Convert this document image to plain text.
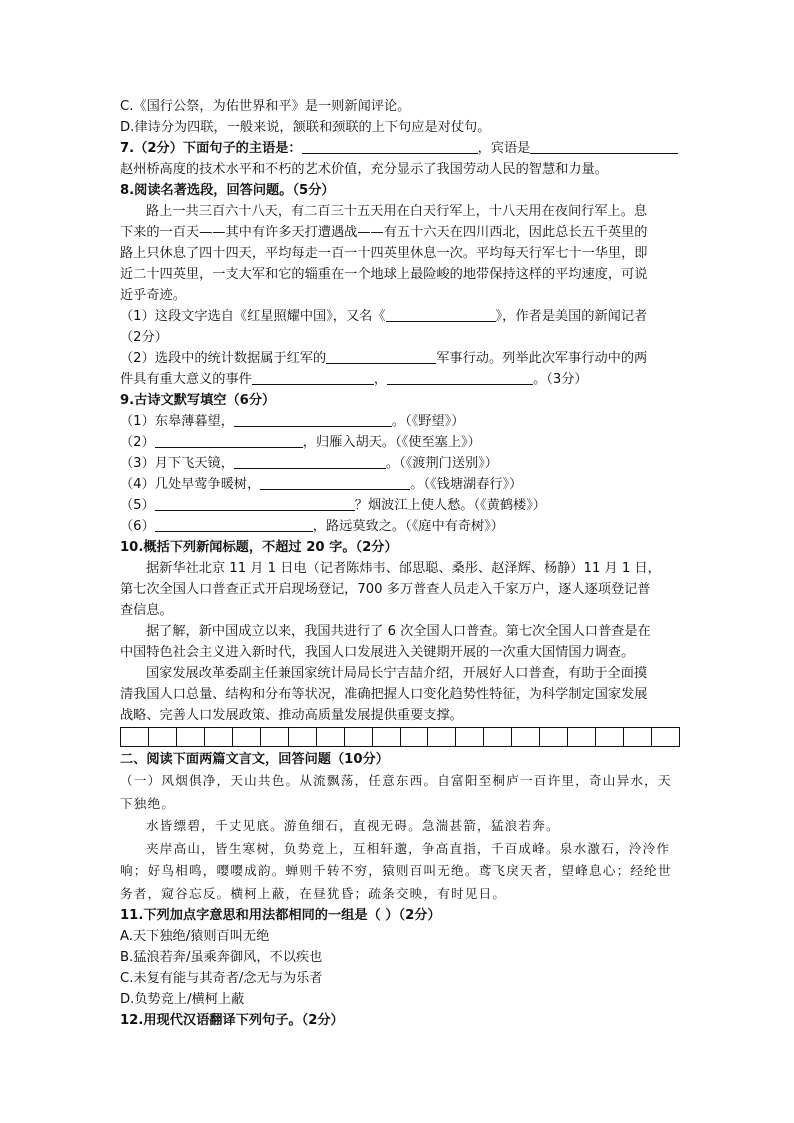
C.《国行公祭，为佑世界和平》是一则新闻评论。
D.律诗分为四联，一般来说，颔联和颈联的上下句应是对仗句。
7.（2分）下面句子的主语是：	，宾语是
赵州桥高度的技术水平和不朽的艺术价值，充分显示了我国劳动人民的智慧和力量。
8.阅读名著选段，回答问题。（5分）
路上一共三百六十八天，有二百三十五天用在白天行军上，十八天用在夜间行军上。息
下来的一百天——其中有许多天打遭遇战——有五十六天在四川西北，因此总长五千英里的
路上只休息了四十四天，平均每走一百一十四英里休息一次。平均每天行军七十一华里，即
近二十四英里，一支大军和它的辎重在一个地球上最险峻的地带保持这样的平均速度，可说
近乎奇迹。
（1）这段文字选自《红星照耀中国》，又名《	》，作者是美国的新闻记者
（2分）
（2）选段中的统计数据属于红军的	军事行动。列举此次军事行动中的两
件具有重大意义的事件	，	。（3分）
9.古诗文默写填空（6分）
（1）东皋薄暮望，	。（《野望》）
（2）	，归雁入胡天。（《使至塞上》）
（3）月下飞天镜，	。（《渡荆门送别》）
（4）几处早莺争暖树，	。（《钱塘湖春行》）
（5）	？烟波江上使人愁。（《黄鹤楼》）
（6）	，路远莫致之。（《庭中有奇树》）
10.概括下列新闻标题，不超过 20 字。（2分）
据新华社北京 11 月 1 日电（记者陈炜韦、邰思聪、桑彤、赵泽辉、杨静）11 月 1 日，
第七次全国人口普查正式开启现场登记，700 多万普查人员走入千家万户，逐人逐项登记普
查信息。
据了解，新中国成立以来，我国共进行了 6 次全国人口普查。第七次全国人口普查是在
中国特色社会主义进入新时代，我国人口发展进入关键期开展的一次重大国情国力调查。
国家发展改革委副主任兼国家统计局局长宁吉喆介绍，开展好人口普查，有助于全面摸
清我国人口总量、结构和分布等状况，准确把握人口变化趋势性特征，为科学制定国家发展
战略、完善人口发展政策、推动高质量发展提供重要支撑。
二、阅读下面两篇文言文，回答问题（10分）
（一）风烟俱净，天山共色。从流飘荡，任意东西。自富阳至桐庐一百许里，奇山异水，天
下独绝。
水皆缥碧，千丈见底。游鱼细石，直视无碍。急湍甚箭，猛浪若奔。
夹岸高山，皆生寒树，负势竞上，互相轩邈，争高直指，千百成峰。泉水激石，泠泠作
响；好鸟相鸣，嘤嘤成韵。蝉则千转不穷，猿则百叫无绝。鸢飞戾天者，望峰息心；经纶世
务者，窥谷忘反。横柯上蔽，在昼犹昏；疏条交映，有时见日。
11.下列加点字意思和用法都相同的一组是（ ）（2分）
A.天下独绝/猿则百叫无绝
B.猛浪若奔/虽乘奔御风，不以疾也
C.未复有能与其奇者/念无与为乐者
D.负势竞上/横柯上蔽
12.用现代汉语翻译下列句子。（2分）
